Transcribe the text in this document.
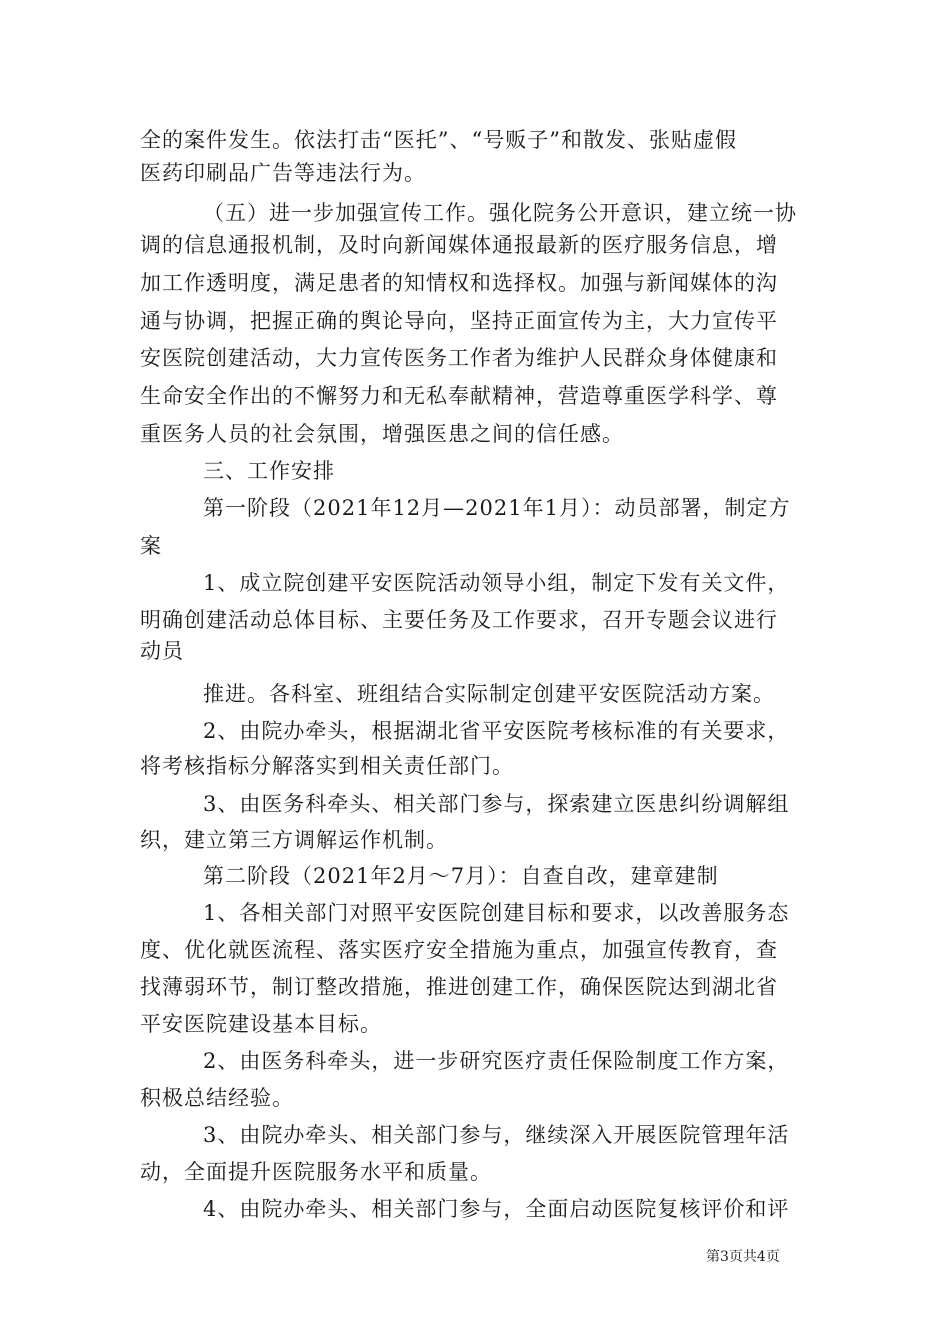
全的案件发生。依法打击“医托”、“号贩子”和散发、张贴虚假
医药印刷品广告等违法行为。
（五）进一步加强宣传工作。强化院务公开意识，建立统一协
调的信息通报机制，及时向新闻媒体通报最新的医疗服务信息，增
加工作透明度，满足患者的知情权和选择权。加强与新闻媒体的沟
通与协调，把握正确的舆论导向，坚持正面宣传为主，大力宣传平
安医院创建活动，大力宣传医务工作者为维护人民群众身体健康和
生命安全作出的不懈努力和无私奉献精神，营造尊重医学科学、尊
重医务人员的社会氛围，增强医患之间的信任感。
三、工作安排
第一阶段（2021年12月—2021年1月）：动员部署，制定方
案
1、成立院创建平安医院活动领导小组，制定下发有关文件，
明确创建活动总体目标、主要任务及工作要求，召开专题会议进行
动员
推进。各科室、班组结合实际制定创建平安医院活动方案。
2、由院办牵头，根据湖北省平安医院考核标准的有关要求，
将考核指标分解落实到相关责任部门。
3、由医务科牵头、相关部门参与，探索建立医患纠纷调解组
织，建立第三方调解运作机制。
第二阶段（2021年2月～7月）：自查自改，建章建制
1、各相关部门对照平安医院创建目标和要求，以改善服务态
度、优化就医流程、落实医疗安全措施为重点，加强宣传教育，查
找薄弱环节，制订整改措施，推进创建工作，确保医院达到湖北省
平安医院建设基本目标。
2、由医务科牵头，进一步研究医疗责任保险制度工作方案，
积极总结经验。
3、由院办牵头、相关部门参与，继续深入开展医院管理年活
动，全面提升医院服务水平和质量。
4、由院办牵头、相关部门参与，全面启动医院复核评价和评
第3页共4页
